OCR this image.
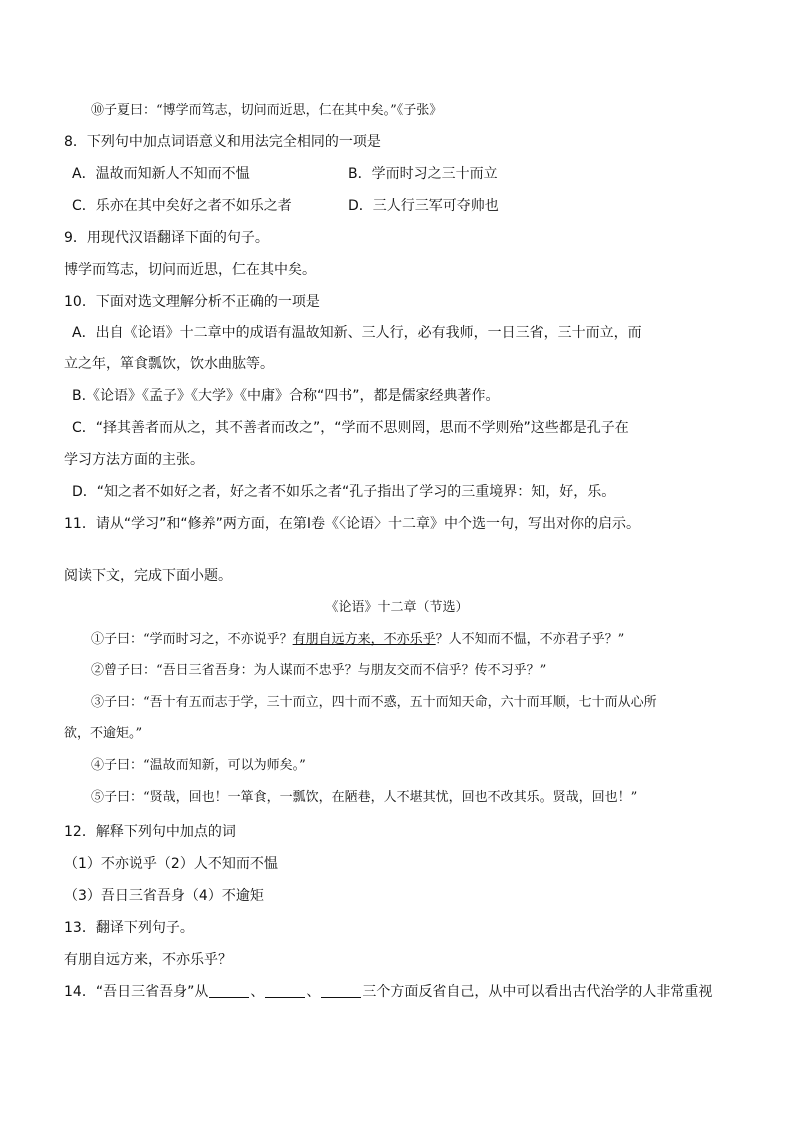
⑩子夏曰：“博学而笃志，切问而近思，仁在其中矣。”《子张》
8．下列句中加点词语意义和用法完全相同的一项是
A．温故而知新人不知而不愠	B．学而时习之三十而立
C．乐亦在其中矣好之者不如乐之者	D．三人行三军可夺帅也
9．用现代汉语翻译下面的句子。
博学而笃志，切问而近思，仁在其中矣。
10．下面对选文理解分析不正确的一项是
A．出自《论语》十二章中的成语有温故知新、三人行，必有我师，一日三省，三十而立，而
立之年，箪食瓢饮，饮水曲肱等。
B.《论语》《孟子》《大学》《中庸》合称“四书”，都是儒家经典著作。
C．“择其善者而从之，其不善者而改之”，“学而不思则罔，思而不学则殆”这些都是孔子在
学习方法方面的主张。
D．“知之者不如好之者，好之者不如乐之者“孔子指出了学习的三重境界：知，好，乐。
11．请从“学习”和“修养”两方面，在第Ⅰ卷《〈论语〉十二章》中个选一句，写出对你的启示。
阅读下文，完成下面小题。
《论语》十二章（节选）
①子曰：“学而时习之，不亦说乎？有朋自远方来，不亦乐乎？人不知而不愠，不亦君子乎？”
②曾子曰：“吾日三省吾身：为人谋而不忠乎？与朋友交而不信乎？传不习乎？”
③子曰：“吾十有五而志于学，三十而立，四十而不惑，五十而知天命，六十而耳顺，七十而从心所
欲，不逾矩。”
④子曰：“温故而知新，可以为师矣。”
⑤子曰：“贤哉，回也！一箪食，一瓢饮，在陋巷，人不堪其忧，回也不改其乐。贤哉，回也！”
12．解释下列句中加点的词
（1）不亦说乎（2）人不知而不愠
（3）吾日三省吾身（4）不逾矩
13．翻译下列句子。
有朋自远方来，不亦乐乎？
14．“吾日三省吾身”从	、	、	三个方面反省自己，从中可以看出古代治学的人非常重视
